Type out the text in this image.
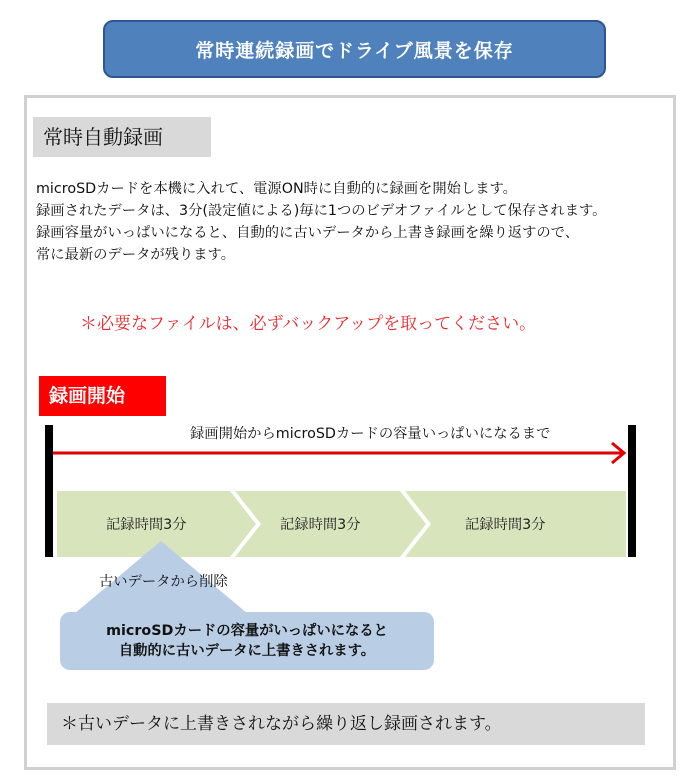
常時連続録画でドライブ風景を保存
常時自動録画
microSDカードを本機に入れて、電源ON時に自動的に録画を開始します。
録画されたデータは、3分(設定値による)毎に1つのビデオファイルとして保存されます。
録画容量がいっぱいになると、自動的に古いデータから上書き録画を繰り返すので、
常に最新のデータが残ります。
＊必要なファイルは、必ずバックアップを取ってください。
録画開始
録画開始からmicroSDカードの容量いっぱいになるまで
記録時間3分	記録時間3分	記録時間3分
古いデータから削除
microSDカードの容量がいっぱいになると
自動的に古いデータに上書きされます。
＊古いデータに上書きされながら繰り返し録画されます。
